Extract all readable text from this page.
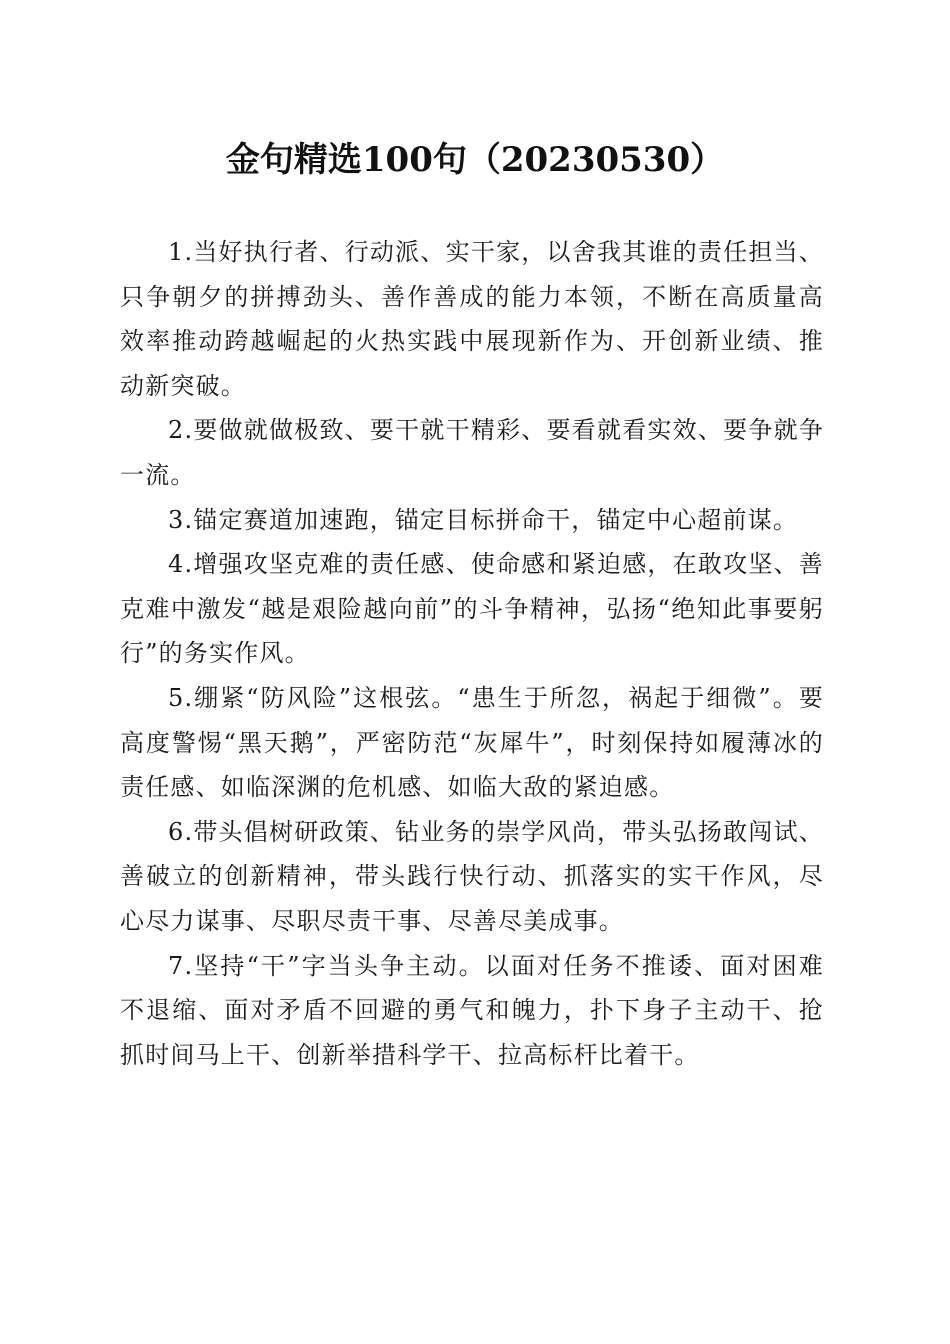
金句精选100句（20230530）

1.当好执行者、行动派、实干家，以舍我其谁的责任担当、只争朝夕的拼搏劲头、善作善成的能力本领，不断在高质量高效率推动跨越崛起的火热实践中展现新作为、开创新业绩、推动新突破。

2.要做就做极致、要干就干精彩、要看就看实效、要争就争一流。

3.锚定赛道加速跑，锚定目标拼命干，锚定中心超前谋。

4.增强攻坚克难的责任感、使命感和紧迫感，在敢攻坚、善克难中激发“越是艰险越向前”的斗争精神，弘扬“绝知此事要躬行”的务实作风。

5.绷紧“防风险”这根弦。“患生于所忽，祸起于细微”。要高度警惕“黑天鹅”，严密防范“灰犀牛”，时刻保持如履薄冰的责任感、如临深渊的危机感、如临大敌的紧迫感。

6.带头倡树研政策、钻业务的崇学风尚，带头弘扬敢闯试、善破立的创新精神，带头践行快行动、抓落实的实干作风，尽心尽力谋事、尽职尽责干事、尽善尽美成事。

7.坚持“干”字当头争主动。以面对任务不推诿、面对困难不退缩、面对矛盾不回避的勇气和魄力，扑下身子主动干、抢抓时间马上干、创新举措科学干、拉高标杆比着干。
